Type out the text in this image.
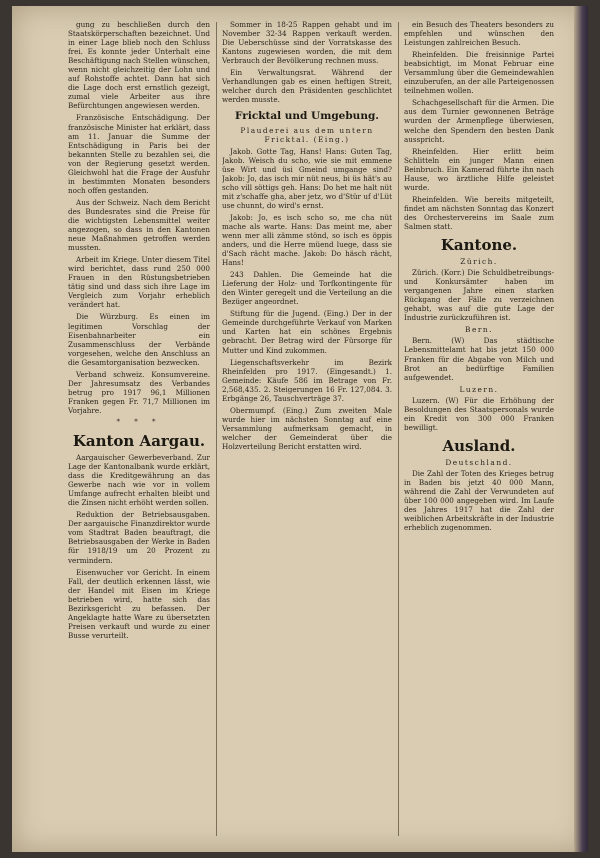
gung zu beschließen durch den Staatskörperschaften bezeichnet. Und in einer Lage blieb noch den Schluss frei. Es konnte jeder Unterhalt eine Beschäftigung nach Stellen wünschen, wenn nicht gleichzeitig der Lohn und auf Rohstoffe achtet. Dann hat sich die Lage doch erst ernstlich gezeigt, zumal viele Arbeiter aus ihre Befürchtungen angewiesen werden.

Französische Entschädigung. Der französische Minister hat erklärt, dass am 11. Januar die Summe der Entschädigung in Paris bei der bekannten Stelle zu bezahlen sei, die von der Regierung gesetzt werden. Gleichwohl hat die Frage der Ausfuhr in bestimmten Monaten besonders noch offen gestanden.

Aus der Schweiz. Nach dem Bericht des Bundesrates sind die Preise für die wichtigsten Lebensmittel weiter angezogen, so dass in den Kantonen neue Maßnahmen getroffen werden mussten.

Arbeit im Kriege. Unter diesem Titel wird berichtet, dass rund 250 000 Frauen in den Rüstungsbetrieben tätig sind und dass sich ihre Lage im Vergleich zum Vorjahr erheblich verändert hat.

Die Würzburg. Es einen im legitimen Vorschlag der Eisenbahnarbeiter ein Zusammenschluss der Verbände vorgesehen, welche den Anschluss an die Gesamtorganisation bezwecken.

Verband schweiz. Konsumvereine. Der Jahresumsatz des Verbandes betrug pro 1917 96,1 Millionen Franken gegen Fr. 71,7 Millionen im Vorjahre.

* * *
Kanton Aargau.

Aargauischer Gewerbeverband. Zur Lage der Kantonalbank wurde erklärt, dass die Kreditgewährung an das Gewerbe nach wie vor in vollem Umfange aufrecht erhalten bleibt und die Zinsen nicht erhöht werden sollen.

Reduktion der Betriebsausgaben. Der aargauische Finanzdirektor wurde vom Stadtrat Baden beauftragt, die Betriebsausgaben der Werke in Baden für 1918/19 um 20 Prozent zu vermindern.

Eisenwucher vor Gericht. In einem Fall, der deutlich erkennen lässt, wie der Handel mit Eisen im Kriege betrieben wird, hatte sich das Bezirksgericht zu befassen. Der Angeklagte hatte Ware zu übersetzten Preisen verkauft und wurde zu einer Busse verurteilt.

Sommer in 18-25 Rappen gehabt und im November 32-34 Rappen verkauft werden. Die Ueberschüsse sind der Vorratskasse des Kantons zugewiesen worden, die mit dem Verbrauch der Bevölkerung rechnen muss.

Ein Verwaltungsrat. Während der Verhandlungen gab es einen heftigen Streit, welcher durch den Präsidenten geschlichtet werden musste.

Fricktal und Umgebung.
Plauderei aus dem untern Fricktal. (Eing.)

Jakob. Gotte Tag, Hans! Hans: Guten Tag, Jakob. Weisch du scho, wie sie mit emmene üse Wirt und üsi Gmeind umgange sind? Jakob: Jo, das isch mir nüt neus, bi üs hät's au scho vill söttigs geh. Hans: Do het me halt nüt mit z'schaffe gha, aber jetz, wo d'Stür uf d'Lüt use chunnt, do wird's ernst.

Jakob: Jo, es isch scho so, me cha nüt mache als warte. Hans: Das meint me, aber wenn mer alli zämme stönd, so isch es öppis anders, und die Herre müend luege, dass sie d'Sach rächt mache. Jakob: Do häsch rächt, Hans!

243 Dahlen. Die Gemeinde hat die Lieferung der Holz- und Torfkontingente für den Winter geregelt und die Verteilung an die Bezüger angeordnet.

Stiftung für die Jugend. (Eing.) Der in der Gemeinde durchgeführte Verkauf von Marken und Karten hat ein schönes Ergebnis gebracht. Der Betrag wird der Fürsorge für Mutter und Kind zukommen.

Liegenschaftsverkehr im Bezirk Rheinfelden pro 1917. (Eingesandt.) 1. Gemeinde: Käufe 586 im Betrage von Fr. 2,568,435. 2. Steigerungen 16 Fr. 127,084. 3. Erbgänge 26, Tauschverträge 37.

Obermumpf. (Eing.) Zum zweiten Male wurde hier im nächsten Sonntag auf eine Versammlung aufmerksam gemacht, in welcher der Gemeinderat über die Holzverteilung Bericht erstatten wird.

ein Besuch des Theaters besonders zu empfehlen und wünschen den Leistungen zahlreichen Besuch.

Rheinfelden. Die freisinnige Partei beabsichtigt, im Monat Februar eine Versammlung über die Gemeindewahlen einzuberufen, an der alle Parteigenossen teilnehmen wollen.

Schachgesellschaft für die Armen. Die aus dem Turnier gewonnenen Beträge wurden der Armenpflege überwiesen, welche den Spendern den besten Dank ausspricht.

Rheinfelden. Hier erlitt beim Schlitteln ein junger Mann einen Beinbruch. Ein Kamerad führte ihn nach Hause, wo ärztliche Hilfe geleistet wurde.

Rheinfelden. Wie bereits mitgeteilt, findet am nächsten Sonntag das Konzert des Orchestervereins im Saale zum Salmen statt.

Kantone.
Zürich.

Zürich. (Korr.) Die Schuldbetreibungs- und Konkursämter haben im vergangenen Jahre einen starken Rückgang der Fälle zu verzeichnen gehabt, was auf die gute Lage der Industrie zurückzuführen ist.

Bern.

Bern. (W) Das städtische Lebensmittelamt hat bis jetzt 150 000 Franken für die Abgabe von Milch und Brot an bedürftige Familien aufgewendet.

Luzern.

Luzern. (W) Für die Erhöhung der Besoldungen des Staatspersonals wurde ein Kredit von 300 000 Franken bewilligt.

Ausland.
Deutschland.

Die Zahl der Toten des Krieges betrug in Baden bis jetzt 40 000 Mann, während die Zahl der Verwundeten auf über 100 000 angegeben wird. Im Laufe des Jahres 1917 hat die Zahl der weiblichen Arbeitskräfte in der Industrie erheblich zugenommen.
